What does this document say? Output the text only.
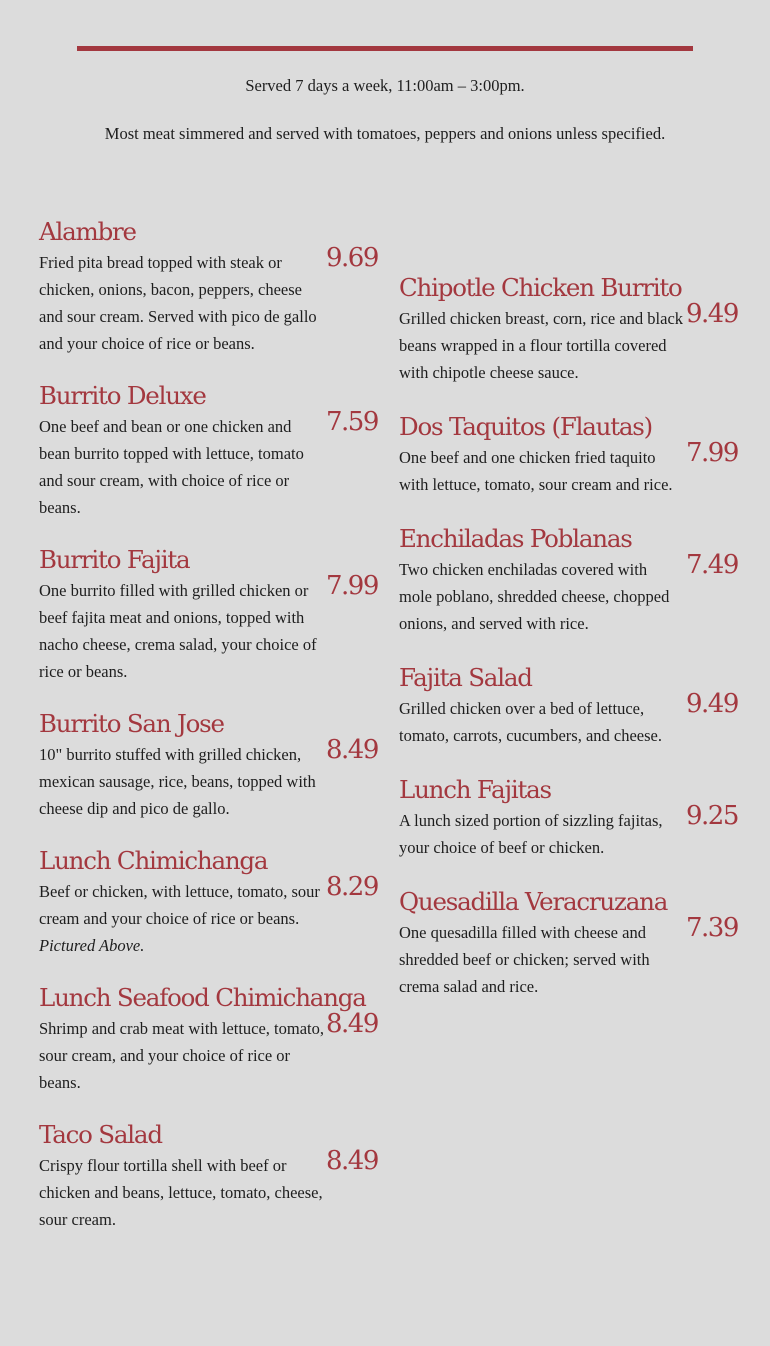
Served 7 days a week, 11:00am – 3:00pm.

Most meat simmered and served with tomatoes, peppers and onions unless specified.

Alambre

Fried pita bread topped with steak or chicken, onions, bacon, peppers, cheese and sour cream. Served with pico de gallo and your choice of rice or beans.

9.69
Burrito Deluxe

One beef and bean or one chicken and bean burrito topped with lettuce, tomato and sour cream, with choice of rice or beans.

7.59
Burrito Fajita

One burrito filled with grilled chicken or beef fajita meat and onions, topped with nacho cheese, crema salad, your choice of rice or beans.

7.99
Burrito San Jose

10" burrito stuffed with grilled chicken, mexican sausage, rice, beans, topped with cheese dip and pico de gallo.

8.49
Lunch Chimichanga

Beef or chicken, with lettuce, tomato, sour cream and your choice of rice or beans. Pictured Above.

8.29
Lunch Seafood Chimichanga

Shrimp and crab meat with lettuce, tomato, sour cream, and your choice of rice or beans.

8.49
Taco Salad

Crispy flour tortilla shell with beef or chicken and beans, lettuce, tomato, cheese, sour cream.

8.49
Chipotle Chicken Burrito

Grilled chicken breast, corn, rice and black beans wrapped in a flour tortilla covered with chipotle cheese sauce.

9.49
Dos Taquitos (Flautas)

One beef and one chicken fried taquito with lettuce, tomato, sour cream and rice.

7.99
Enchiladas Poblanas

Two chicken enchiladas covered with mole poblano, shredded cheese, chopped onions, and served with rice.

7.49
Fajita Salad

Grilled chicken over a bed of lettuce, tomato, carrots, cucumbers, and cheese.

9.49
Lunch Fajitas

A lunch sized portion of sizzling fajitas, your choice of beef or chicken.

9.25
Quesadilla Veracruzana

One quesadilla filled with cheese and shredded beef or chicken; served with crema salad and rice.

7.39
